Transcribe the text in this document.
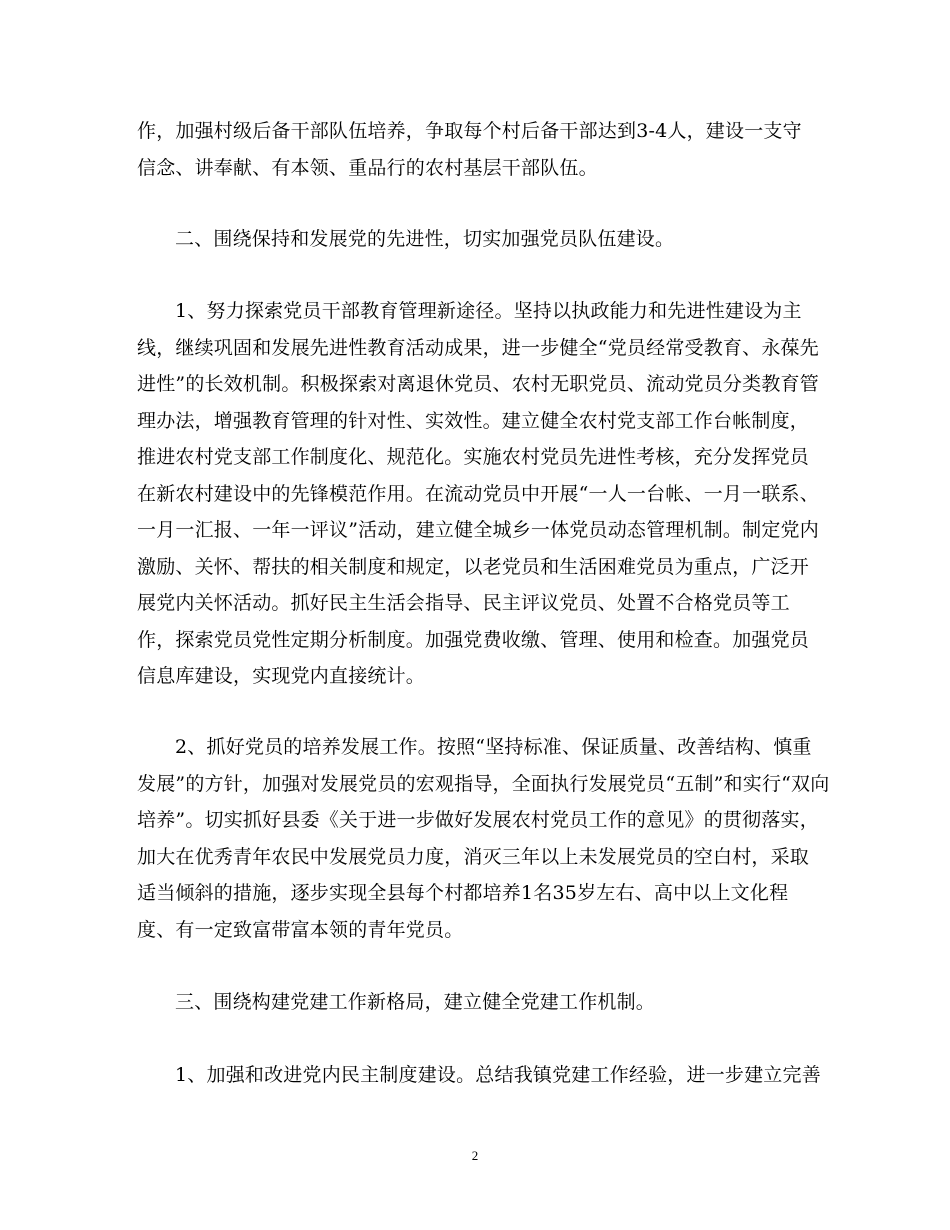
作，加强村级后备干部队伍培养，争取每个村后备干部达到3-4人，建设一支守
信念、讲奉献、有本领、重品行的农村基层干部队伍。
二、围绕保持和发展党的先进性，切实加强党员队伍建设。
1、努力探索党员干部教育管理新途径。坚持以执政能力和先进性建设为主
线，继续巩固和发展先进性教育活动成果，进一步健全“党员经常受教育、永葆先
进性”的长效机制。积极探索对离退休党员、农村无职党员、流动党员分类教育管
理办法，增强教育管理的针对性、实效性。建立健全农村党支部工作台帐制度，
推进农村党支部工作制度化、规范化。实施农村党员先进性考核，充分发挥党员
在新农村建设中的先锋模范作用。在流动党员中开展“一人一台帐、一月一联系、
一月一汇报、一年一评议”活动，建立健全城乡一体党员动态管理机制。制定党内
激励、关怀、帮扶的相关制度和规定，以老党员和生活困难党员为重点，广泛开
展党内关怀活动。抓好民主生活会指导、民主评议党员、处置不合格党员等工
作，探索党员党性定期分析制度。加强党费收缴、管理、使用和检查。加强党员
信息库建设，实现党内直接统计。
2、抓好党员的培养发展工作。按照“坚持标准、保证质量、改善结构、慎重
发展”的方针，加强对发展党员的宏观指导，全面执行发展党员“五制”和实行“双向
培养”。切实抓好县委《关于进一步做好发展农村党员工作的意见》的贯彻落实，
加大在优秀青年农民中发展党员力度，消灭三年以上未发展党员的空白村，采取
适当倾斜的措施，逐步实现全县每个村都培养1名35岁左右、高中以上文化程
度、有一定致富带富本领的青年党员。
三、围绕构建党建工作新格局，建立健全党建工作机制。
1、加强和改进党内民主制度建设。总结我镇党建工作经验，进一步建立完善
2
